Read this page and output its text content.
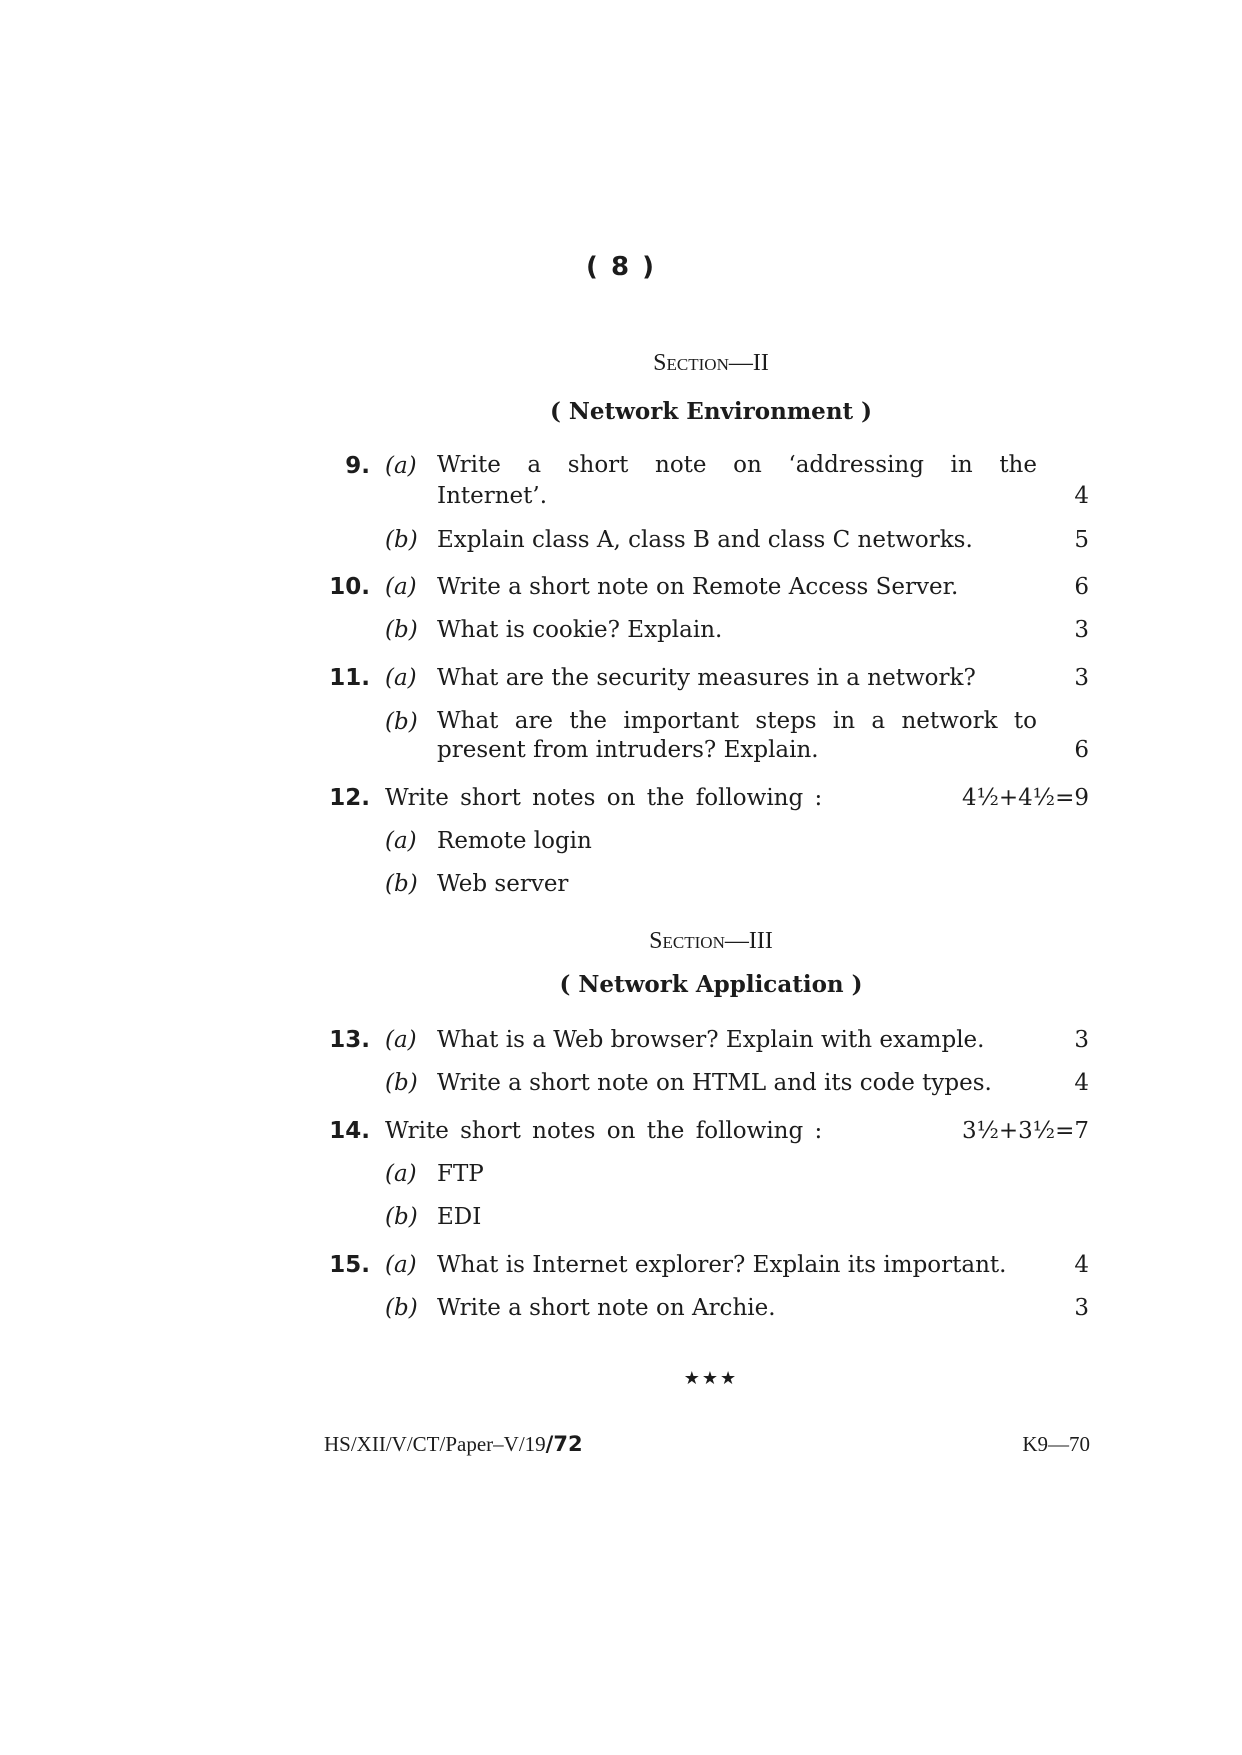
( 8 )
Section—II
( Network Environment )
9. (a) Write a short note on ‘addressing in the
Internet’.	4
(b) Explain class A, class B and class C networks.	5
10. (a) Write a short note on Remote Access Server.	6
(b) What is cookie? Explain.	3
11. (a) What are the security measures in a network?	3
(b) What are the important steps in a network to
present from intruders? Explain.	6
12. Write short notes on the following :	4½+4½=9
(a) Remote login
(b) Web server
Section—III
( Network Application )
13. (a) What is a Web browser? Explain with example.	3
(b) Write a short note on HTML and its code types.	4
14. Write short notes on the following :	3½+3½=7
(a) FTP
(b) EDI
15. (a) What is Internet explorer? Explain its important.	4
(b) Write a short note on Archie.	3
★★★
HS/XII/V/CT/Paper–V/19/72	K9—70
